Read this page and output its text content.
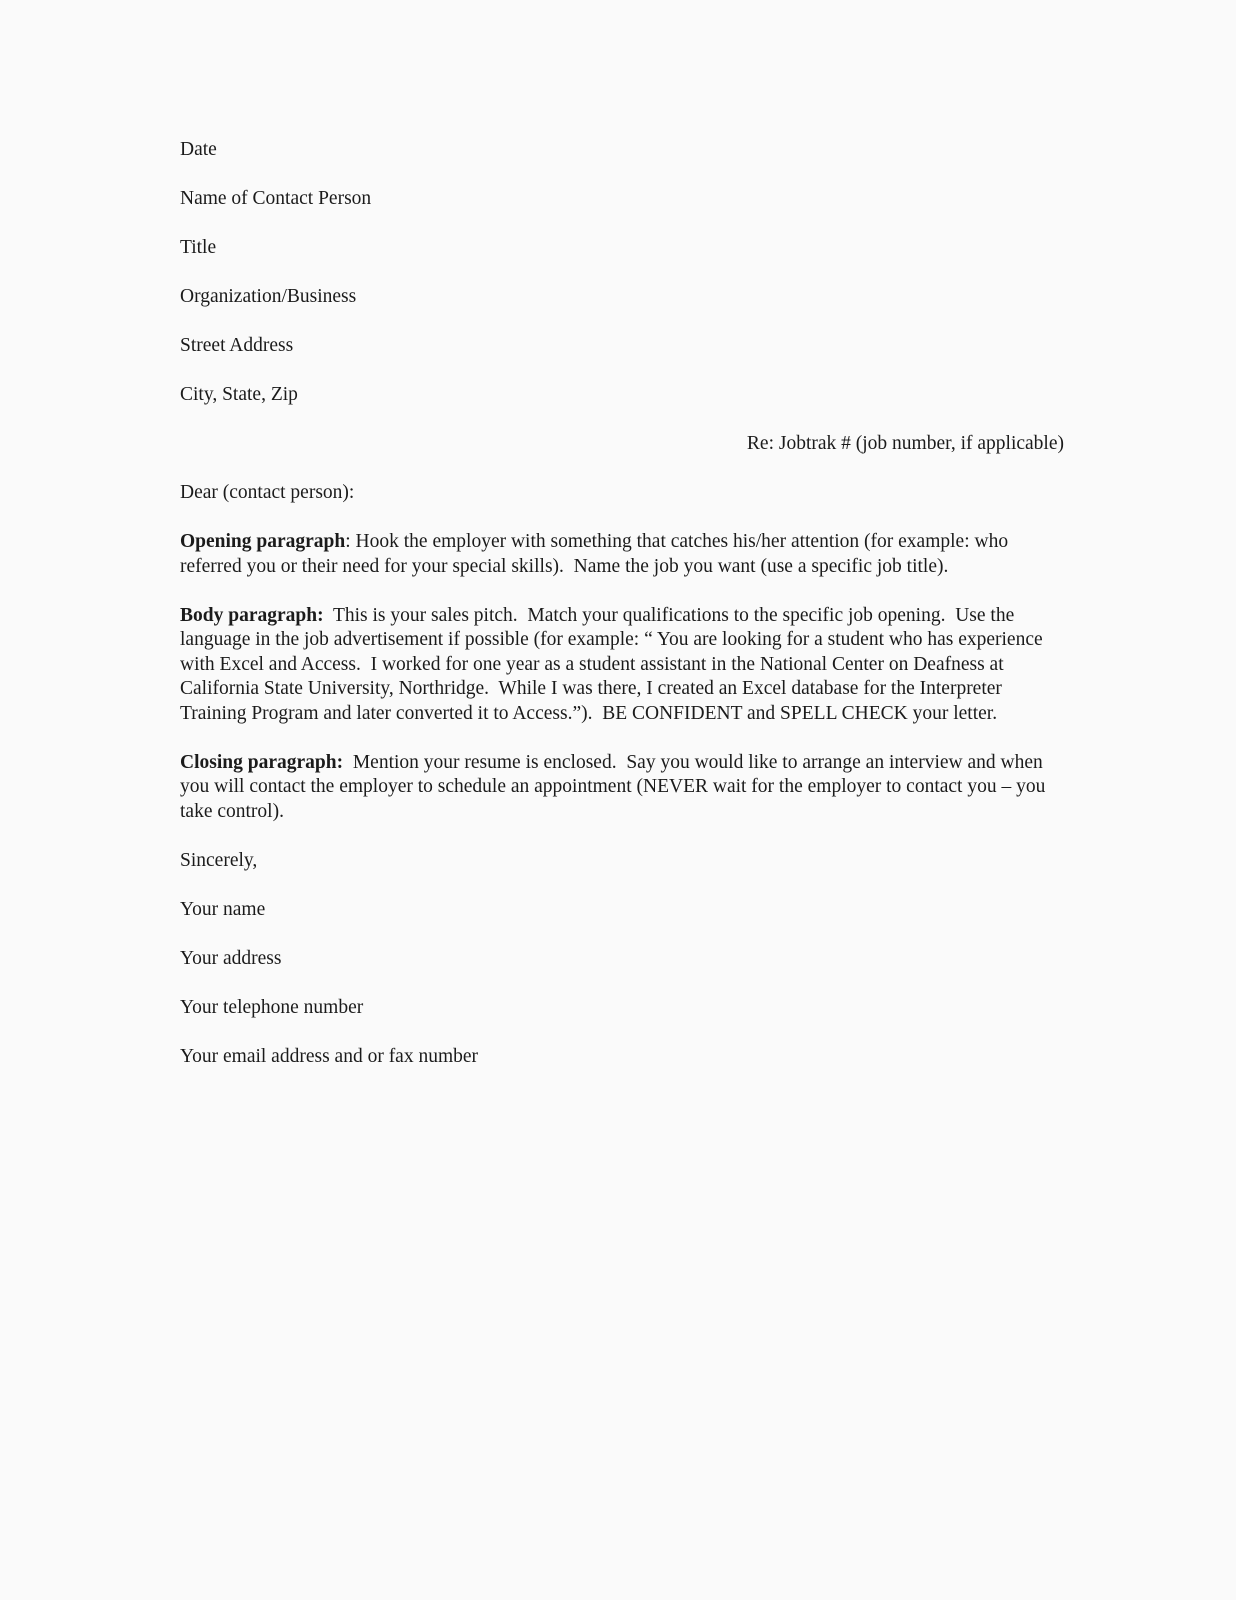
Date

Name of Contact Person

Title

Organization/Business

Street Address

City, State, Zip

Re: Jobtrak # (job number, if applicable)

Dear (contact person):

Opening paragraph: Hook the employer with something that catches his/her attention (for example: who referred you or their need for your special skills).  Name the job you want (use a specific job title).

Body paragraph:  This is your sales pitch.  Match your qualifications to the specific job opening.  Use the language in the job advertisement if possible (for example: “ You are looking for a student who has experience with Excel and Access.  I worked for one year as a student assistant in the National Center on Deafness at California State University, Northridge.  While I was there, I created an Excel database for the Interpreter Training Program and later converted it to Access.”).  BE CONFIDENT and SPELL CHECK your letter.

Closing paragraph:  Mention your resume is enclosed.  Say you would like to arrange an interview and when you will contact the employer to schedule an appointment (NEVER wait for the employer to contact you – you take control).

Sincerely,

Your name

Your address

Your telephone number

Your email address and or fax number
